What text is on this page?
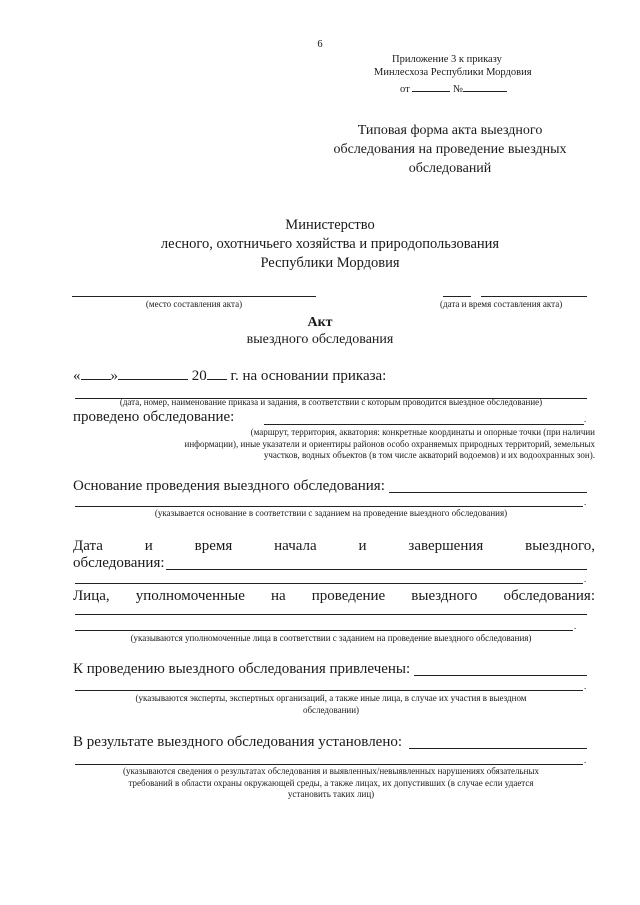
6
Приложение 3 к приказу
Минлесхоза Республики Мордовия
от	№
Типовая форма акта выездного
обследования на проведение выездных
обследований
Министерство
лесного, охотничьего хозяйства и природопользования
Республики Мордовия
(место составления акта)	(дата и время составления акта)
Акт
выездного обследования
« »	20 г. на основании приказа:
(дата, номер, наименование приказа и задания, в соответствии с которым проводится выездное обследование)
проведено обследование:	.
(маршрут, территория, акватория: конкретные координаты и опорные точки (при наличии
информации), иные указатели и ориентиры районов особо охраняемых природных территорий, земельных
участков, водных объектов (в том числе акваторий водоемов) и их водоохранных зон).
Основание проведения выездного обследования:
.
(указывается основание в соответствии с заданием на проведение выездного обследования)
Дата	и	время	начала	и	завершения	выездного,
обследования:
.
Лица, уполномоченные на проведение выездного обследования:
.
(указываются уполномоченные лица в соответствии с заданием на проведение выездного обследования)
К проведению выездного обследования привлечены:
.
(указываются эксперты, экспертных организаций, а также иные лица, в случае их участия в выездном
обследовании)
В результате выездного обследования установлено:
.
(указываются сведения о результатах обследования и выявленных/невыявленных нарушениях обязательных
требований в области охраны окружающей среды, а также лицах, их допустивших (в случае если удается
установить таких лиц)
